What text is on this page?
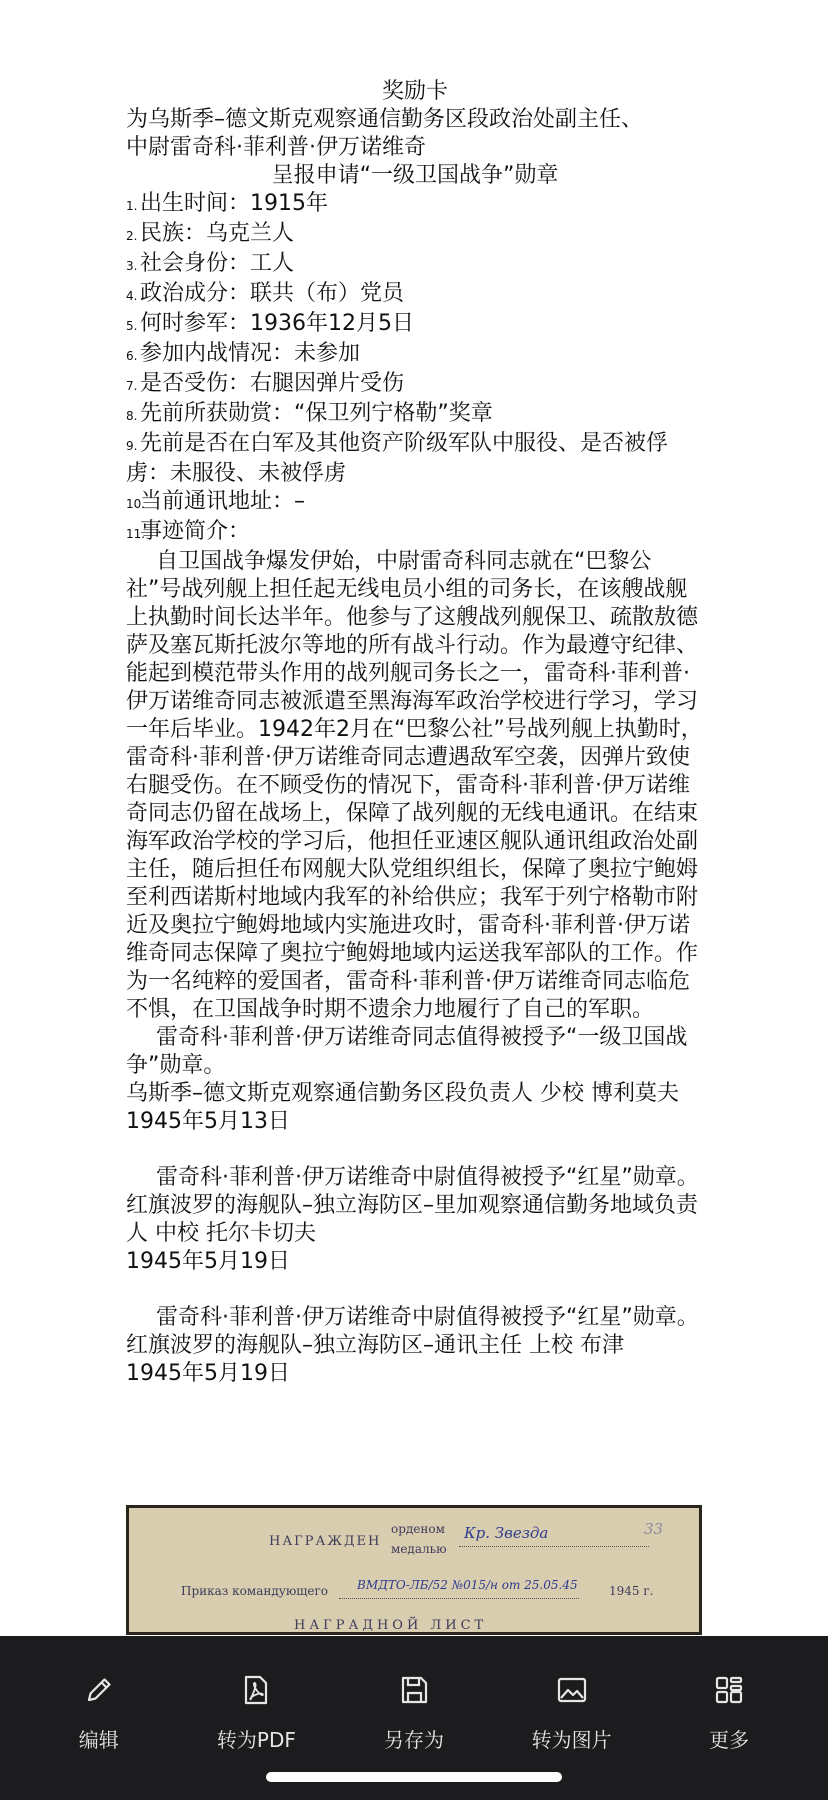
奖励卡
为乌斯季–德文斯克观察通信勤务区段政治处副主任、
中尉雷奇科·菲利普·伊万诺维奇
呈报申请“一级卫国战争”勋章
1. 出生时间：1915年
2. 民族：乌克兰人
3. 社会身份：工人
4. 政治成分：联共（布）党员
5. 何时参军：1936年12月5日
6. 参加内战情况：未参加
7. 是否受伤：右腿因弹片受伤
8. 先前所获勋赏：“保卫列宁格勒”奖章
9. 先前是否在白军及其他资产阶级军队中服役、是否被俘虏：未服役、未被俘虏
10.当前通讯地址：–
11.事迹简介：
自卫国战争爆发伊始，中尉雷奇科同志就在“巴黎公社”号战列舰上担任起无线电员小组的司务长，在该艘战舰上执勤时间长达半年。他参与了这艘战列舰保卫、疏散敖德萨及塞瓦斯托波尔等地的所有战斗行动。作为最遵守纪律、能起到模范带头作用的战列舰司务长之一，雷奇科·菲利普·伊万诺维奇同志被派遣至黑海海军政治学校进行学习，学习一年后毕业。1942年2月在“巴黎公社”号战列舰上执勤时，雷奇科·菲利普·伊万诺维奇同志遭遇敌军空袭，因弹片致使右腿受伤。在不顾受伤的情况下，雷奇科·菲利普·伊万诺维奇同志仍留在战场上，保障了战列舰的无线电通讯。在结束海军政治学校的学习后，他担任亚速区舰队通讯组政治处副主任，随后担任布网舰大队党组织组长，保障了奥拉宁鲍姆至利西诺斯村地域内我军的补给供应；我军于列宁格勒市附近及奥拉宁鲍姆地域内实施进攻时，雷奇科·菲利普·伊万诺维奇同志保障了奥拉宁鲍姆地域内运送我军部队的工作。作为一名纯粹的爱国者，雷奇科·菲利普·伊万诺维奇同志临危不惧，在卫国战争时期不遗余力地履行了自己的军职。
雷奇科·菲利普·伊万诺维奇同志值得被授予“一级卫国战争”勋章。
乌斯季–德文斯克观察通信勤务区段负责人 少校 博利莫夫
1945年5月13日
雷奇科·菲利普·伊万诺维奇中尉值得被授予“红星”勋章。
红旗波罗的海舰队–独立海防区–里加观察通信勤务地域负责人 中校 托尔卡切夫
1945年5月19日
雷奇科·菲利普·伊万诺维奇中尉值得被授予“红星”勋章。
红旗波罗的海舰队–独立海防区–通讯主任 上校 布津
1945年5月19日
НАГРАЖДЕН
орденом
медалью
Кр. Звезда	33
Приказ командующего ВМДТО-ЛБ/52 №015/н от 25.05.45	1945 г.
НАГРАДНОЙ ЛИСТ
编辑	转为PDF	另存为	转为图片	更多
